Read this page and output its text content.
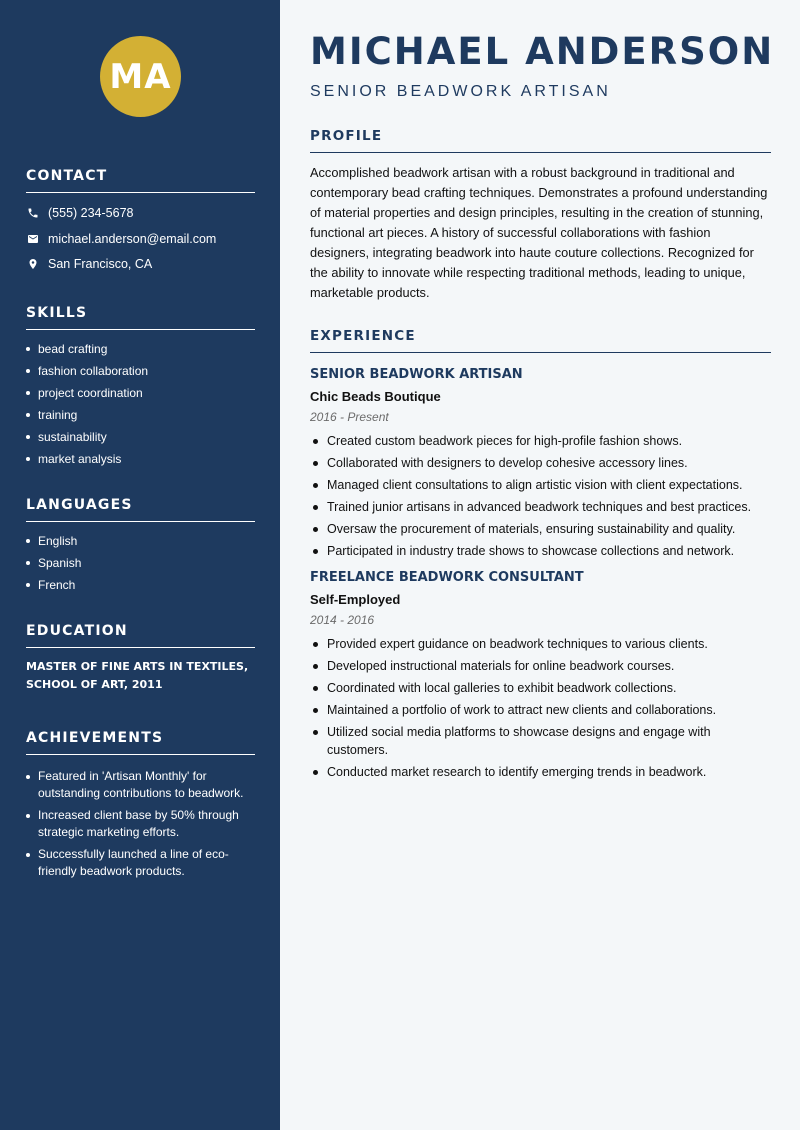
MA
CONTACT
(555) 234-5678
michael.anderson@email.com
San Francisco, CA
SKILLS
bead crafting
fashion collaboration
project coordination
training
sustainability
market analysis
LANGUAGES
English
Spanish
French
EDUCATION
MASTER OF FINE ARTS IN TEXTILES, SCHOOL OF ART, 2011
ACHIEVEMENTS
Featured in 'Artisan Monthly' for outstanding contributions to beadwork.
Increased client base by 50% through strategic marketing efforts.
Successfully launched a line of eco-friendly beadwork products.
MICHAEL ANDERSON
SENIOR BEADWORK ARTISAN
PROFILE
Accomplished beadwork artisan with a robust background in traditional and contemporary bead crafting techniques. Demonstrates a profound understanding of material properties and design principles, resulting in the creation of stunning, functional art pieces. A history of successful collaborations with fashion designers, integrating beadwork into haute couture collections. Recognized for the ability to innovate while respecting traditional methods, leading to unique, marketable products.
EXPERIENCE
SENIOR BEADWORK ARTISAN
Chic Beads Boutique
2016 - Present
Created custom beadwork pieces for high-profile fashion shows.
Collaborated with designers to develop cohesive accessory lines.
Managed client consultations to align artistic vision with client expectations.
Trained junior artisans in advanced beadwork techniques and best practices.
Oversaw the procurement of materials, ensuring sustainability and quality.
Participated in industry trade shows to showcase collections and network.
FREELANCE BEADWORK CONSULTANT
Self-Employed
2014 - 2016
Provided expert guidance on beadwork techniques to various clients.
Developed instructional materials for online beadwork courses.
Coordinated with local galleries to exhibit beadwork collections.
Maintained a portfolio of work to attract new clients and collaborations.
Utilized social media platforms to showcase designs and engage with customers.
Conducted market research to identify emerging trends in beadwork.
